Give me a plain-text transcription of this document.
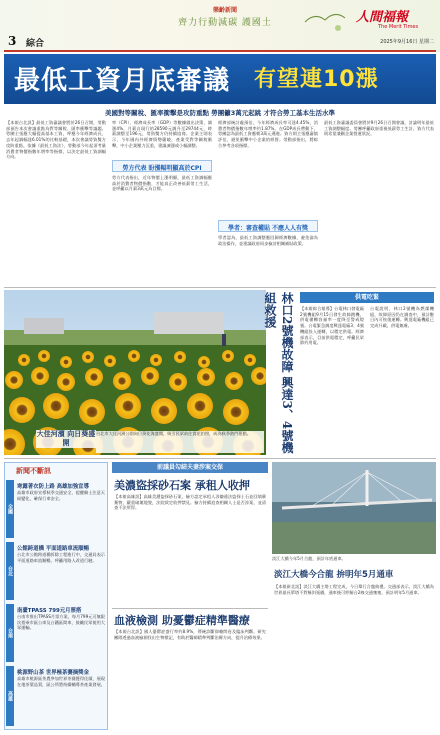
3 綜合
樂齡新聞
齊力行動減碳 護國土	人間福報
The Merit Times
2025年9月16日 星期二
最低工資月底審議 有望連10漲
美國對等關稅、匯率衝擊是攻防重點 勞團籲3萬元起跳 才符合勞工基本生活水準
【本報台北訊】最低工資審議會將於26日召開，勞動部預告本次會議重點為對等關稅、匯率衝擊等議題。勞團主張應大幅提高基本工資，呼應今年經濟成長，去年起調幅達6.01%的比較基礎，本次會議勞資雙方攻防重點。依據《最低工資法》，勞動部今年起須考量消費者物價指數年增率等指標，以決定最低工資調幅方向。
率（CPI）、經濟成長率（GDP）等數據做出決策，調漲4%，月薪自現行的28590元調升至29744元，時薪調整至196元，勞資雙方仍持續協商。企業主則表示，今年國內外經濟情勢嚴峻，產業受對等關稅衝擊，中小企業壓力沉重，建議凍漲或小幅調整。
勞方代表 盼漲幅明顯高於CPI
勞方代表指出，近年物價上漲明顯，最低工資調幅應高於消費者物價指數，才能真正改善低薪勞工生活，並呼籲以月薪3萬元為目標。
經濟部統計處預估，今年經濟成長率可達4.45%，消費者物價指數年增率約1.87%。在GDP成長帶動下，勞團認為最低工資應朝3萬元邁進。資方則主張應審慎評估，避免衝擊中小企業的經營。勞動部指出，將綜合參考各項指標。
學者：審查權貼 不應人人有獎
學者認為，最低工資調整應回歸經濟數據，避免淪為政治操作，並建議政府同步檢討相關補貼政策。
最低工資審議委員會將於9月26日召開會議，討論明年最低工資調整幅度。勞團呼籲政府重視低薪勞工生計，資方代表則希望兼顧企業營運狀況。
大佳河濱 向日葵盛開
台北市大佳河濱公園向日葵花海盛開，吸引民眾前往賞花拍照，成為秋季熱門景點。	林口2號機故障 興達3、4號機組救援	供電吃緊
【本報綜合報導】台電林口發電廠2號機組9月15日發生故障跳機，供電備轉容量率一度降至警戒燈號。台電緊急調度興達電廠3、4號機組投入運轉，以穩定供電。經濟部表示，目前供電穩定，呼籲民眾節約用電。
台電說明，林口2號機為燃煤機組，故障原因仍在調查中，預計數日內可恢復運轉。興達電廠機組已完成升載，供電無虞。
新聞不斷訊
全國
台北
台南
高雄
寒露著衣防上路 高雄加強宣導
高雄市政府宣導秋季交通安全，提醒騎士注意天候變化，確保行車安全。
公館跨道橋 平面道路車流順暢
台北市公館跨道橋拆除工程進行中，交通局表示平面道路車流順暢，呼籲用路人改道行駛。
南臺TPASS 799元月票搭
台南市推出TPASS月票方案，每月799元可無限次搭乘市區公車及台鐵區間車，鼓勵民眾使用大眾運輸。
桃源野山茶 世界極茶賽摘獎金
高雄市桃源區茶農參加世界茶賽獲得佳績，展現在地茶葉品質，區公所將持續輔導茶產業發展。
前議員勾結夫妻涉案交保
美濃盜採砂石案 承租人收押
【本報高雄訊】高雄美濃盜採砂石案，檢方認定承租人涉嫌違法盜採土石並回填廢棄物，嚴重破壞地貌，法院裁定收押禁見。檢方持續追查相關人士是否涉案，並清查不法所得。
血液檢測 助憂鬱症精準醫療
【本報台北訊】國人憂鬱症盛行率約8.9%，傳統診斷仰賴問卷及臨床判斷。研究團隊透過血液檢測找出生物標記，有助於醫師精準判斷治療方向，提升治療效果。
淡江大橋今年5月合龍，預計年底通車。
淡江大橋今合龍 拚明年5月通車
【本報新北訊】淡江大橋主塔工程完成，今日舉行合龍典禮。交通部表示，淡江大橋為世界最長單塔不對稱斜張橋，通車後可紓解台2線交通壅塞，預計明年5月通車。
